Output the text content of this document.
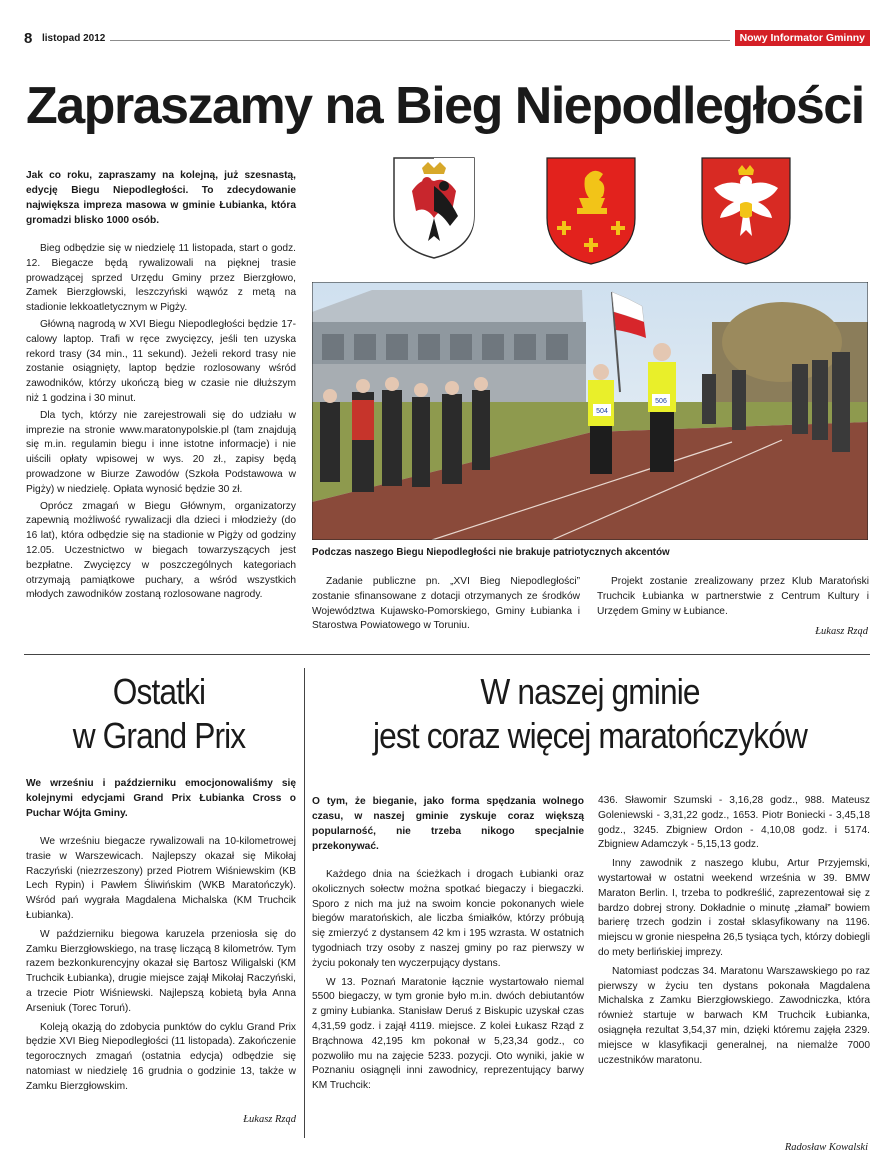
8 listopad 2012	Nowy Informator Gminny
Zapraszamy na Bieg Niepodległości

Jak co roku, zapraszamy na kolejną, już szesnastą, edycję Biegu Niepodległości. To zdecydowanie największa impreza masowa w gminie Łubianka, która gromadzi blisko 1000 osób.

Bieg odbędzie się w niedzielę 11 listopada, start o godz. 12. Biegacze będą rywalizowali na pięknej trasie prowadzącej sprzed Urzędu Gminy przez Bierzgłowo, Zamek Bierzgłowski, leszczyński wąwóz z metą na stadionie lekkoatletycznym w Pigży.

Główną nagrodą w XVI Biegu Niepodległości będzie 17-calowy laptop. Trafi w ręce zwycięzcy, jeśli ten uzyska rekord trasy (34 min., 11 sekund). Jeżeli rekord trasy nie zostanie osiągnięty, laptop będzie rozlosowany wśród zawodników, którzy ukończą bieg w czasie nie dłuższym niż 1 godzina i 30 minut.

Dla tych, którzy nie zarejestrowali się do udziału w imprezie na stronie www.maratonypolskie.pl (tam znajdują się m.in. regulamin biegu i inne istotne informacje) i nie uiścili opłaty wpisowej w wys. 20 zł., zapisy będą prowadzone w Biurze Zawodów (Szkoła Podstawowa w Pigży) w niedzielę. Opłata wynosić będzie 30 zł.

Oprócz zmagań w Biegu Głównym, organizatorzy zapewnią możliwość rywalizacji dla dzieci i młodzieży (do 16 lat), która odbędzie się na stadionie w Pigży od godziny 12.05. Uczestnictwo w biegach towarzyszących jest bezpłatne. Zwycięzcy w poszczególnych kategoriach otrzymają pamiątkowe puchary, a wśród wszystkich młodych zawodników zostaną rozlosowane nagrody.

504
506
Podczas naszego Biegu Niepodległości nie brakuje patriotycznych akcentów

Zadanie publiczne pn. „XVI Bieg Niepodległości” zostanie sfinansowane z dotacji otrzymanych ze środków Województwa Kujawsko-Pomorskiego, Gminy Łubianka i Starostwa Powiatowego w Toruniu.

Projekt zostanie zrealizowany przez Klub Maratoński Truchcik Łubianka w partnerstwie z Centrum Kultury i Urzędem Gminy w Łubiance.

Łukasz Rząd
Ostatki
w Grand Prix

We wrześniu i październiku emocjonowaliśmy się kolejnymi edycjami Grand Prix Łubianka Cross o Puchar Wójta Gminy.

We wrześniu biegacze rywalizowali na 10-kilometrowej trasie w Warszewicach. Najlepszy okazał się Mikołaj Raczyński (niezrzeszony) przed Piotrem Wiśniewskim (KB Lech Rypin) i Pawłem Śliwińskim (WKB Maratończyk). Wśród pań wygrała Magdalena Michalska (KM Truchcik Łubianka).

W październiku biegowa karuzela przeniosła się do Zamku Bierzgłowskiego, na trasę liczącą 8 kilometrów. Tym razem bezkonkurencyjny okazał się Bartosz Wiligalski (KM Truchcik Łubianka), drugie miejsce zajął Mikołaj Raczyński, a trzecie Piotr Wiśniewski. Najlepszą kobietą była Anna Arseniuk (Torec Toruń).

Koleją okazją do zdobycia punktów do cyklu Grand Prix będzie XVI Bieg Niepodległości (11 listopada). Zakończenie tegorocznych zmagań (ostatnia edycja) odbędzie się natomiast w niedzielę 16 grudnia o godzinie 13, także w Zamku Bierzgłowskim.

Łukasz Rząd
W naszej gminie
jest coraz więcej maratończyków

O tym, że bieganie, jako forma spędzania wolnego czasu, w naszej gminie zyskuje coraz większą popularność, nie trzeba nikogo specjalnie przekonywać.

Każdego dnia na ścieżkach i drogach Łubianki oraz okolicznych sołectw można spotkać biegaczy i biegaczki. Sporo z nich ma już na swoim koncie pokonanych wiele biegów maratońskich, ale liczba śmiałków, którzy próbują się zmierzyć z dystansem 42 km i 195 wzrasta. W ostatnich tygodniach trzy osoby z naszej gminy po raz pierwszy w życiu pokonały ten wyczerpujący dystans.

W 13. Poznań Maratonie łącznie wystartowało niemal 5500 biegaczy, w tym gronie było m.in. dwóch debiutantów z gminy Łubianka. Stanisław Deruś z Biskupic uzyskał czas 4,31,59 godz. i zajął 4119. miejsce. Z kolei Łukasz Rząd z Brąchnowa 42,195 km pokonał w 5,23,34 godz., co pozwoliło mu na zajęcie 5233. pozycji. Oto wyniki, jakie w Poznaniu osiągnęli inni zawodnicy, reprezentujący barwy KM Truchcik:

436. Sławomir Szumski - 3,16,28 godz., 988. Mateusz Goleniewski - 3,31,22 godz., 1653. Piotr Boniecki - 3,45,18 godz., 3245. Zbigniew Ordon - 4,10,08 godz. i 5174. Zbigniew Adamczyk - 5,15,13 godz.

Inny zawodnik z naszego klubu, Artur Przyjemski, wystartował w ostatni weekend września w 39. BMW Maraton Berlin. I, trzeba to podkreślić, zaprezentował się z bardzo dobrej strony. Dokładnie o minutę „złamał” bowiem barierę trzech godzin i został sklasyfikowany na 1196. miejscu w gronie niespełna 26,5 tysiąca tych, którzy dobiegli do mety berlińskiej imprezy.

Natomiast podczas 34. Maratonu Warszawskiego po raz pierwszy w życiu ten dystans pokonała Magdalena Michalska z Zamku Bierzgłowskiego. Zawodniczka, która również startuje w barwach KM Truchcik Łubianka, osiągnęła rezultat 3,54,37 min, dzięki któremu zajęła 2329. miejsce w klasyfikacji generalnej, na niemalże 7000 uczestników maratonu.

Radosław Kowalski
